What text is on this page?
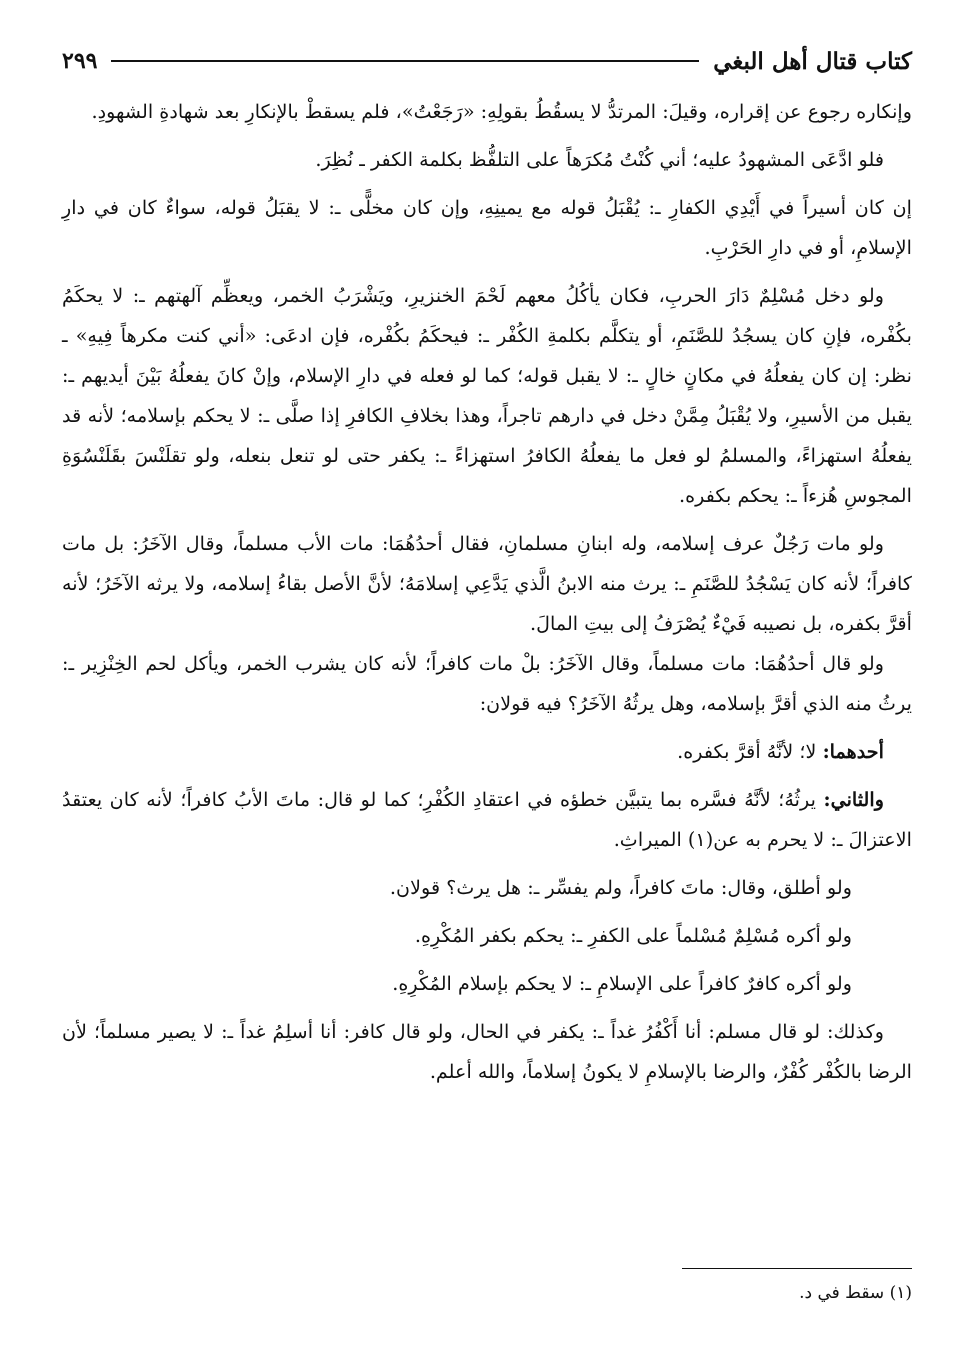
كتاب قتال أهل البغي
٢٩٩

وإنكاره رجوع عن إقراره، وقيلَ: المرتدُّ لا يسقُطُ بقولِهِ: «رَجَعْتُ»، فلم يسقطْ بالإنكارِ بعد شهادةِ الشهودِ.

فلو ادَّعَى المشهودُ عليه؛ أني كُنْتُ مُكرَهاً على التلفُّظ بكلمة الكفر ـ نُظِرَ.

إن كان أسيراً في أَيْدِي الكفارِ ـ: يُقْبَلُ قوله مع يمينِهِ، وإن كان مخلًّى ـ: لا يقبَلُ قوله، سواءٌ كان في دارِ الإسلامِ، أو في دارِ الحَرْبِ.

ولو دخل مُسْلِمٌ دَارَ الحربِ، فكان يأكُلُ معهم لَحْمَ الخنزيرِ، ويَشْرَبُ الخمر، ويعظِّم آلهتهم ـ: لا يحكَمُ بكُفْره، فإنِ كان يسجُدُ للصَّنَمِ، أو يتكلَّم بكلمةِ الكُفْر ـ: فيحكَمُ بكُفْره، فإن ادعَى: «أني كنت مكرهاً فِيهِ» ـ نظر: إن كان يفعلُهُ في مكانٍ خالٍ ـ: لا يقبل قوله؛ كما لو فعله في دارِ الإسلام، وإنْ كانَ يفعلُهُ بَيْنَ أيديهم ـ: يقبل من الأسيرِ، ولا يُقْبَلُ مِمَّنْ دخل في دارهم تاجراً، وهذا بخلافِ الكافرِ إذا صلَّى ـ: لا يحكم بإسلامه؛ لأنه قد يفعلُهُ استهزاءً، والمسلمُ لو فعل ما يفعلُهُ الكافرُ استهزاءً ـ: يكفر حتى لو تنعل بنعله، ولو تقلَنْسَ بقَلَنْسُوَةِ المجوسِ هُزءاً ـ: يحكم بكفره.

ولو مات رَجُلٌ عرف إسلامه، وله ابنانِ مسلمانِ، فقال أحدُهُمَا: مات الأب مسلماً، وقال الآخَرُ: بل مات كافراً؛ لأنه كان يَسْجُدُ للصَّنَمِ ـ: يرث منه الابنُ الَّذي يَدَّعِي إسلامَهُ؛ لأنَّ الأصل بقاءُ إسلامه، ولا يرثه الآخَرُ؛ لأنه أقرَّ بكفره، بل نصيبه فَيْءٌ يُصْرَفُ إلى بيتِ المالَ.

ولو قال أحدُهُمَا: مات مسلماً، وقال الآخَرُ: بلْ مات كافراً؛ لأنه كان يشرب الخمر، ويأكل لحم الخِنْزِير ـ: يرثُ منه الذي أقرَّ بإسلامه، وهل يرثُهُ الآخَرُ؟ فيه قولان:

أحدهما: لا؛ لأنَّهُ أقرَّ بكفره.

والثاني: يرثُهُ؛ لأنَّهُ فسَّره بما يتبيَّن خطؤه في اعتقادِ الكُفْرِ؛ كما لو قال: ماتَ الأبُ كافراً؛ لأنه كان يعتقدُ الاعتزالَ ـ: لا يحرم به عن(١) الميراثِ.

ولو أطلق، وقال: ماتَ كافراً، ولم يفسِّر ـ: هل يرث؟ قولان.

ولو أكره مُسْلِمٌ مُسْلماً على الكفرِ ـ: يحكم بكفر المُكْرِهِ.

ولو أكره كافرٌ كافراً على الإسلامِ ـ: لا يحكم بإسلام المُكْرِهِ.

وكذلك: لو قال مسلم: أنا أَكْفُرُ غداً ـ: يكفر في الحال، ولو قال كافر: أنا أسلِمُ غداً ـ: لا يصير مسلماً؛ لأن الرضا بالكُفْر كُفْرٌ، والرضا بالإسلامِ لا يكونُ إسلاماً، والله أعلم.

(١) سقط في د.
